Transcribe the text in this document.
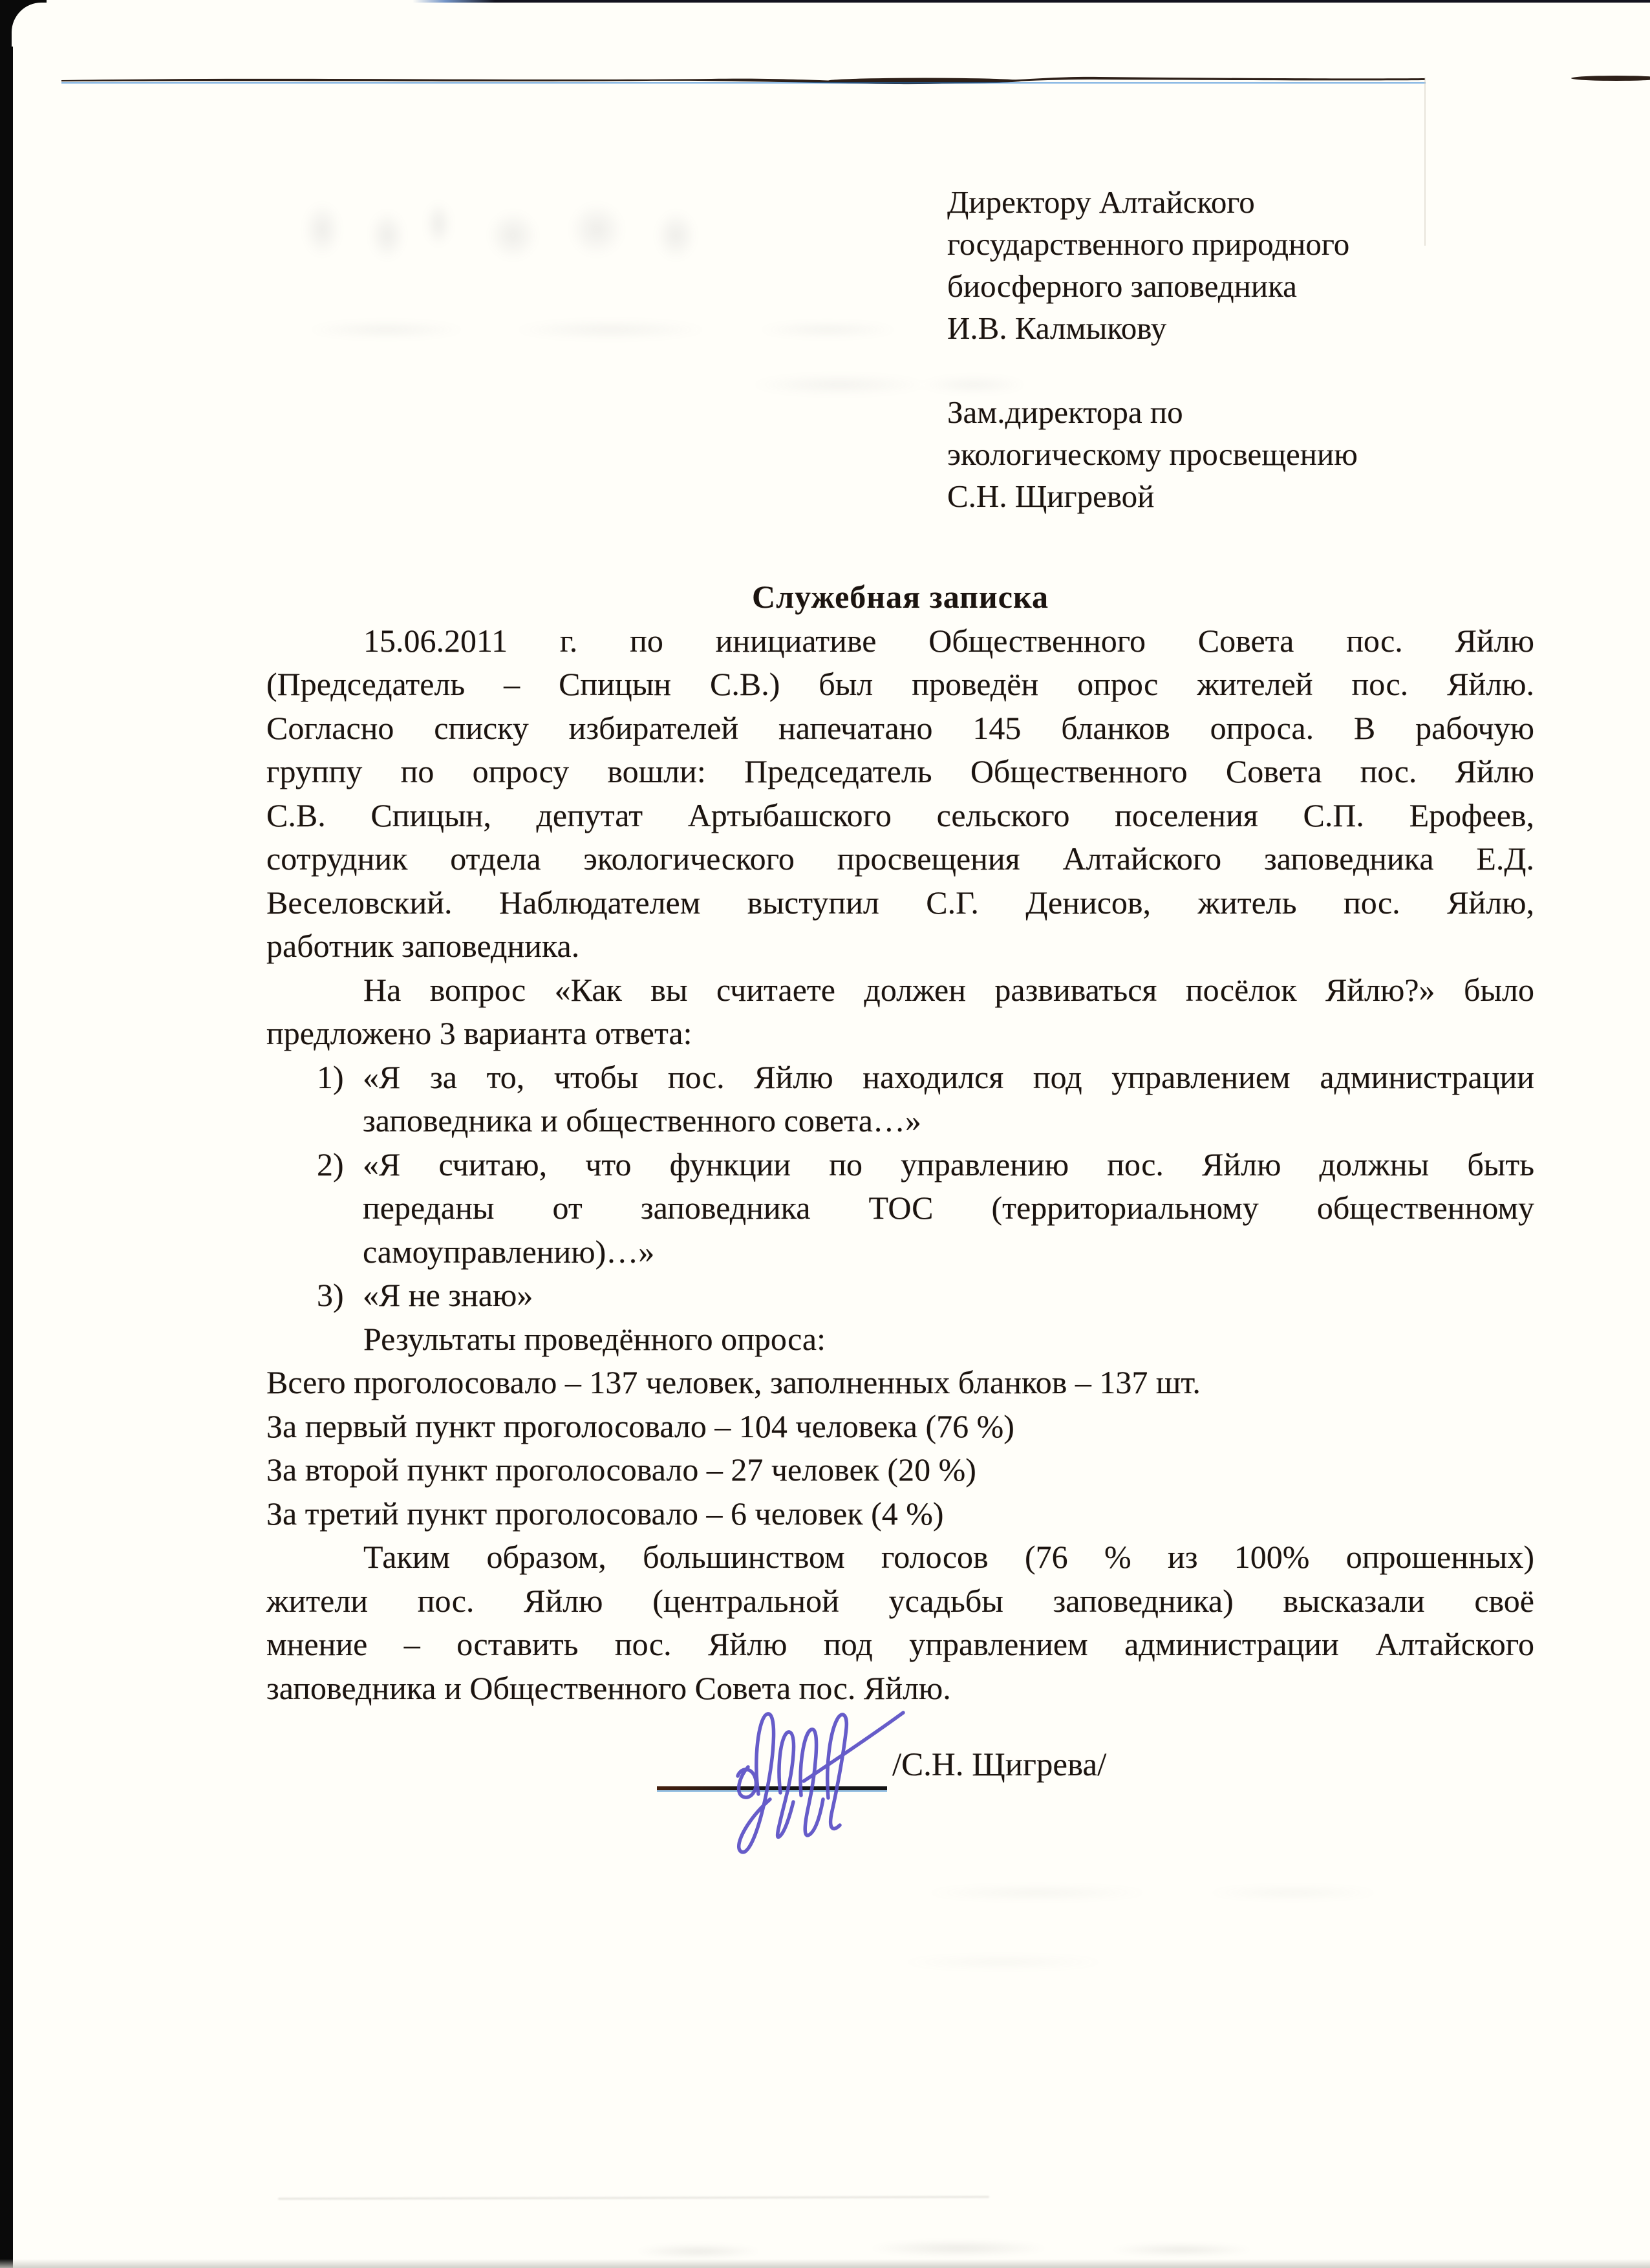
Директору Алтайского
государственного природного
биосферного заповедника
И.В. Калмыкову
Зам.директора по
экологическому просвещению
С.Н. Щигревой
Служебная записка
15.06.2011 г. по инициативе Общественного Совета пос. Яйлю
(Председатель – Спицын С.В.) был проведён опрос жителей пос. Яйлю.
Согласно списку избирателей напечатано 145 бланков опроса. В рабочую
группу по опросу вошли: Председатель Общественного Совета пос. Яйлю
С.В. Спицын, депутат Артыбашского сельского поселения С.П. Ерофеев,
сотрудник отдела экологического просвещения Алтайского заповедника Е.Д.
Веселовский. Наблюдателем выступил С.Г. Денисов, житель пос. Яйлю,
работник заповедника.
На вопрос «Как вы считаете должен развиваться посёлок Яйлю?» было
предложено 3 варианта ответа:
1) «Я за то, чтобы пос. Яйлю находился под управлением администрации
заповедника и общественного совета…»
2) «Я считаю, что функции по управлению пос. Яйлю должны быть
переданы от заповедника ТОС (территориальному общественному
самоуправлению)…»
3) «Я не знаю»
Результаты проведённого опроса:
Всего проголосовало – 137 человек, заполненных бланков – 137 шт.
За первый пункт проголосовало – 104 человека (76 %)
За второй пункт проголосовало – 27 человек (20 %)
За третий пункт проголосовало – 6 человек (4 %)
Таким образом, большинством голосов (76 % из 100% опрошенных)
жители пос. Яйлю (центральной усадьбы заповедника) высказали своё
мнение – оставить пос. Яйлю под управлением администрации Алтайского
заповедника и Общественного Совета пос. Яйлю.
/С.Н. Щигрева/
